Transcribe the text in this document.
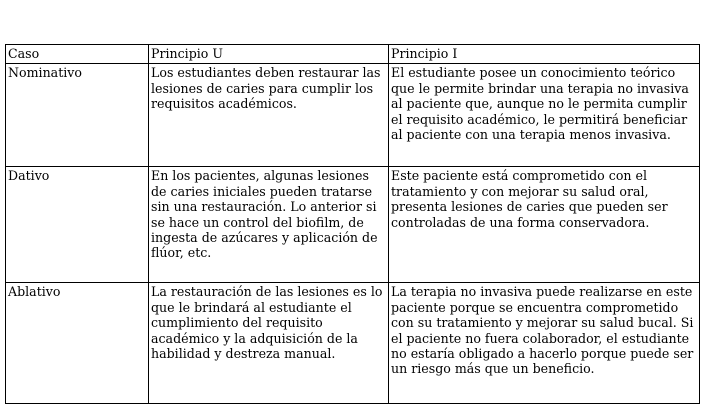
Caso	Principio U	Principio I
Nominativo	Los estudiantes deben restaurar las lesiones de caries para cumplir los requisitos académicos.	El estudiante posee un conocimiento teórico que le permite brindar una terapia no invasiva al paciente que, aunque no le permita cumplir el requisito académico, le permitirá beneficiar al paciente con una terapia menos invasiva.
Dativo	En los pacientes, algunas lesiones de caries iniciales pueden tratarse sin una restauración. Lo anterior si se hace un control del biofilm, de ingesta de azúcares y aplicación de flúor, etc.	Este paciente está comprometido con el tratamiento y con mejorar su salud oral, presenta lesiones de caries que pueden ser controladas de una forma conservadora.
Ablativo	La restauración de las lesiones es lo que le brindará al estudiante el cumplimiento del requisito académico y la adquisición de la habilidad y destreza manual.	La terapia no invasiva puede realizarse en este paciente porque se encuentra comprometido con su tratamiento y mejorar su salud bucal. Si el paciente no fuera colaborador, el estudiante no estaría obligado a hacerlo porque puede ser un riesgo más que un beneficio.
